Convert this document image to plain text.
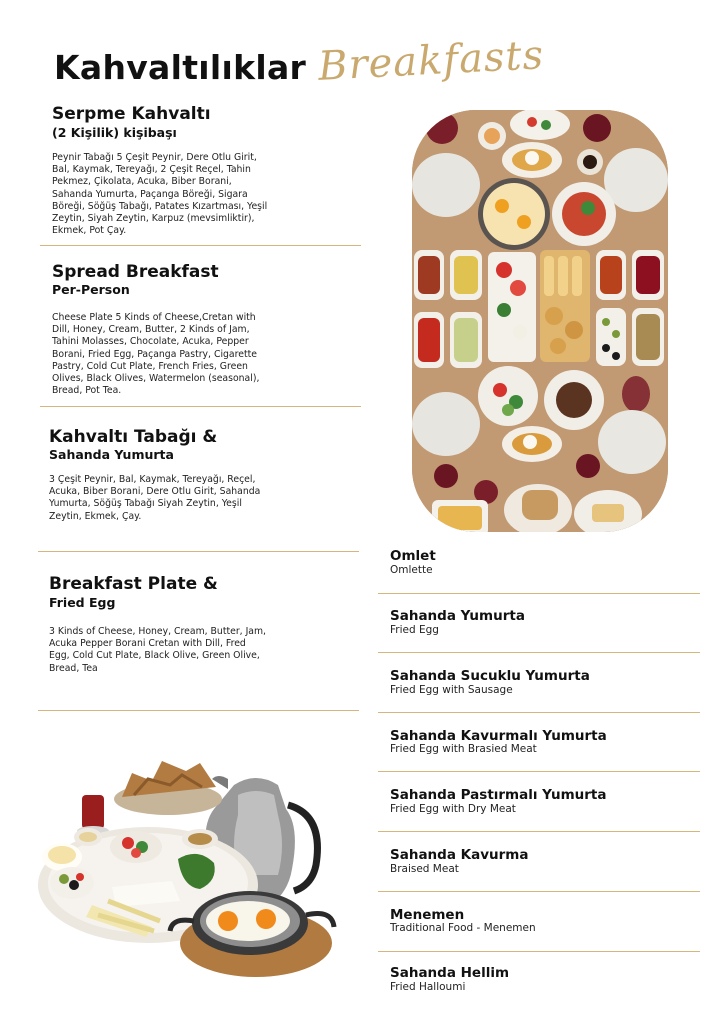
Kahvaltılıklar Breakfasts
Serpme Kahvaltı
(2 Kişilik) kişibaşı
Peynir Tabağı 5 Çeşit Peynir, Dere Otlu Girit, Bal, Kaymak, Tereyağı, 2 Çeşit Reçel, Tahin Pekmez, Çikolata, Acuka, Biber Borani, Sahanda Yumurta, Paçanga Böreği, Sigara Böreği, Söğüş Tabağı, Patates Kızartması, Yeşil Zeytin, Siyah Zeytin, Karpuz (mevsimliktir), Ekmek, Pot Çay.
Spread Breakfast
Per-Person
Cheese Plate 5 Kinds of Cheese,Cretan with Dill, Honey, Cream, Butter, 2 Kinds of Jam, Tahini Molasses, Chocolate, Acuka, Pepper Borani, Fried Egg, Paçanga Pastry, Cigarette Pastry, Cold Cut Plate, French Fries, Green Olives, Black Olives, Watermelon (seasonal), Bread, Pot Tea.
Kahvaltı Tabağı &
Sahanda Yumurta
3 Çeşit Peynir, Bal, Kaymak, Tereyağı, Reçel, Acuka, Biber Borani, Dere Otlu Girit, Sahanda Yumurta, Söğüş Tabağı Siyah Zeytin, Yeşil Zeytin, Ekmek, Çay.
Breakfast Plate &
Fried Egg
3 Kinds of Cheese, Honey, Cream, Butter, Jam, Acuka Pepper Borani Cretan with Dill, Fred Egg, Cold Cut Plate, Black Olive, Green Olive, Bread, Tea
Omlet
Omlette
Sahanda Yumurta
Fried Egg
Sahanda Sucuklu Yumurta
Fried Egg with Sausage
Sahanda Kavurmalı Yumurta
Fried Egg with Brasied Meat
Sahanda Pastırmalı Yumurta
Fried Egg with Dry Meat
Sahanda Kavurma
Braised Meat
Menemen
Traditional Food - Menemen
Sahanda Hellim
Fried Halloumi
